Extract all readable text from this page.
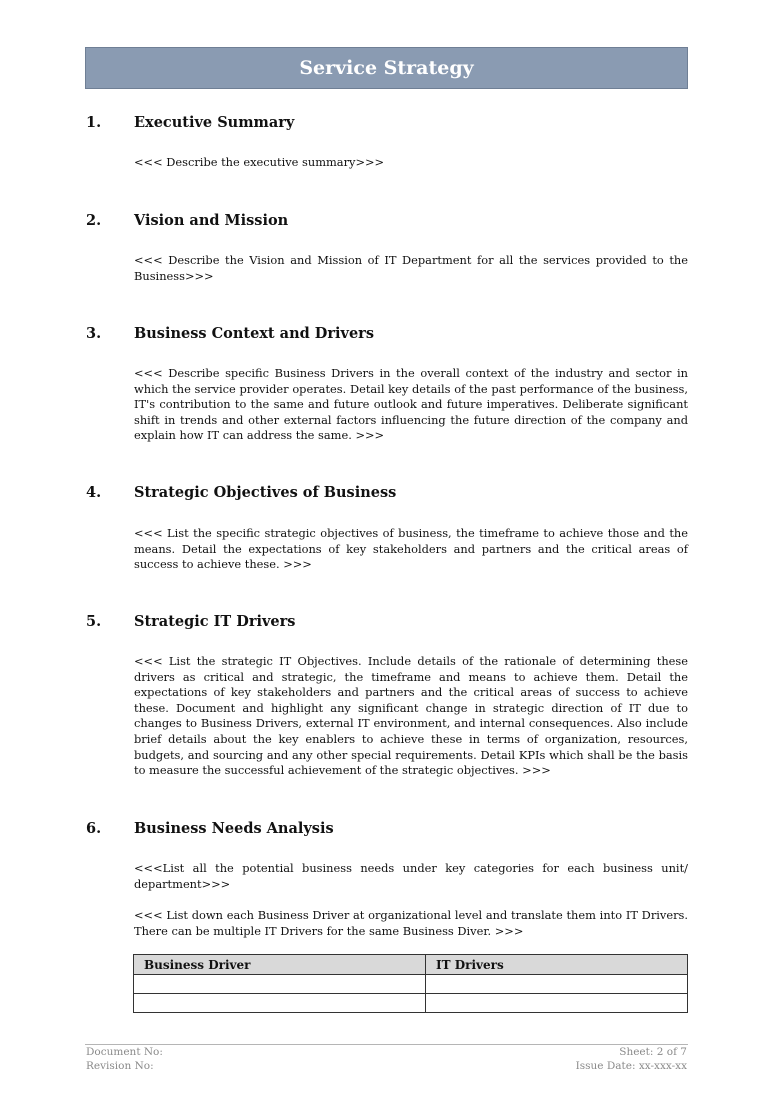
Service Strategy
1. Executive Summary
<<< Describe the executive summary>>>
2. Vision and Mission
<<< Describe the Vision and Mission of IT Department for all the services provided to the Business>>>
3. Business Context and Drivers
<<< Describe specific Business Drivers in the overall context of the industry and sector in which the service provider operates. Detail key details of the past performance of the business, IT's contribution to the same and future outlook and future imperatives. Deliberate significant shift in trends and other external factors influencing the future direction of the company and explain how IT can address the same. >>>
4. Strategic Objectives of Business
<<< List the specific strategic objectives of business, the timeframe to achieve those and the means. Detail the expectations of key stakeholders and partners and the critical areas of success to achieve these. >>>
5. Strategic IT Drivers
<<< List the strategic IT Objectives. Include details of the rationale of determining these drivers as critical and strategic, the timeframe and means to achieve them. Detail the expectations of key stakeholders and partners and the critical areas of success to achieve these. Document and highlight any significant change in strategic direction of IT due to changes to Business Drivers, external IT environment, and internal consequences. Also include brief details about the key enablers to achieve these in terms of organization, resources, budgets, and sourcing and any other special requirements. Detail KPIs which shall be the basis to measure the successful achievement of the strategic objectives. >>>
6. Business Needs Analysis
<<<List all the potential business needs under key categories for each business unit/ department>>>
<<< List down each Business Driver at organizational level and translate them into IT Drivers. There can be multiple IT Drivers for the same Business Diver. >>>
Business Driver	IT Drivers

Document No:
Revision No:
Sheet: 2 of 7
Issue Date: xx-xxx-xx
